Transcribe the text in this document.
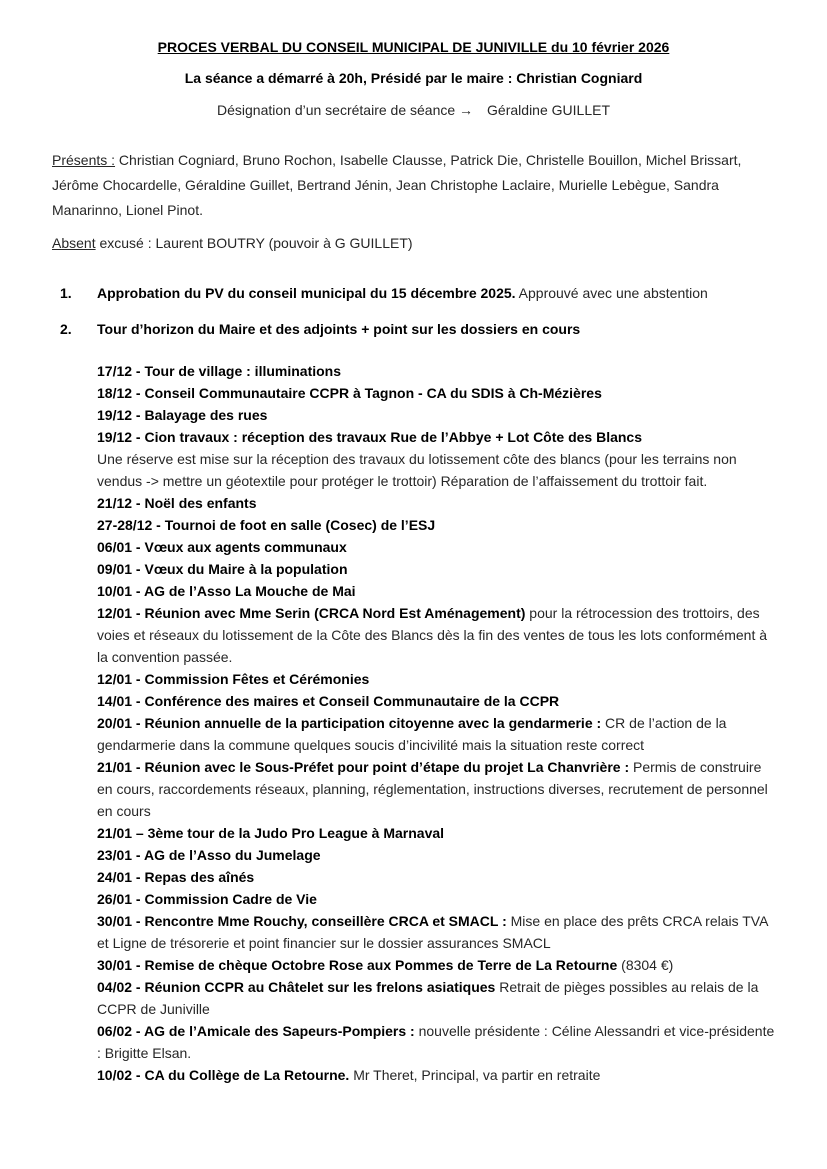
PROCES VERBAL DU CONSEIL MUNICIPAL DE JUNIVILLE du 10 février 2026
La séance a démarré à 20h, Présidé par le maire : Christian Cogniard
Désignation d’un secrétaire de séance → Géraldine GUILLET

Présents : Christian Cogniard, Bruno Rochon, Isabelle Clausse, Patrick Die, Christelle Bouillon, Michel Brissart, Jérôme Chocardelle, Géraldine Guillet, Bertrand Jénin, Jean Christophe Laclaire, Murielle Lebègue, Sandra Manarinno, Lionel Pinot.

Absent excusé : Laurent BOUTRY (pouvoir à G GUILLET)

1.	Approbation du PV du conseil municipal du 15 décembre 2025. Approuvé avec une abstention
2.	Tour d’horizon du Maire et des adjoints + point sur les dossiers en cours

17/12 - Tour de village : illuminations

18/12 - Conseil Communautaire CCPR à Tagnon - CA du SDIS à Ch-Mézières

19/12 - Balayage des rues

19/12 - Cion travaux : réception des travaux Rue de l’Abbye + Lot Côte des Blancs

Une réserve est mise sur la réception des travaux du lotissement côte des blancs (pour les terrains non vendus -> mettre un géotextile pour protéger le trottoir) Réparation de l’affaissement du trottoir fait.

21/12 - Noël des enfants

27-28/12 - Tournoi de foot en salle (Cosec) de l’ESJ

06/01 - Vœux aux agents communaux

09/01 - Vœux du Maire à la population

10/01 - AG de l’Asso La Mouche de Mai

12/01 - Réunion avec Mme Serin (CRCA Nord Est Aménagement) pour la rétrocession des trottoirs, des voies et réseaux du lotissement de la Côte des Blancs dès la fin des ventes de tous les lots conformément à la convention passée.

12/01 - Commission Fêtes et Cérémonies

14/01 - Conférence des maires et Conseil Communautaire de la CCPR

20/01 - Réunion annuelle de la participation citoyenne avec la gendarmerie : CR de l’action de la gendarmerie dans la commune quelques soucis d’incivilité mais la situation reste correct

21/01 - Réunion avec le Sous-Préfet pour point d’étape du projet La Chanvrière : Permis de construire en cours, raccordements réseaux, planning, réglementation, instructions diverses, recrutement de personnel en cours

21/01 – 3ème tour de la Judo Pro League à Marnaval

23/01 - AG de l’Asso du Jumelage

24/01 - Repas des aînés

26/01 - Commission Cadre de Vie

30/01 - Rencontre Mme Rouchy, conseillère CRCA et SMACL : Mise en place des prêts CRCA relais TVA et Ligne de trésorerie et point financier sur le dossier assurances SMACL

30/01 - Remise de chèque Octobre Rose aux Pommes de Terre de La Retourne (8304 €)

04/02 - Réunion CCPR au Châtelet sur les frelons asiatiques Retrait de pièges possibles au relais de la CCPR de Juniville

06/02 - AG de l’Amicale des Sapeurs-Pompiers : nouvelle présidente : Céline Alessandri et vice-présidente : Brigitte Elsan.

10/02 - CA du Collège de La Retourne. Mr Theret, Principal, va partir en retraite
